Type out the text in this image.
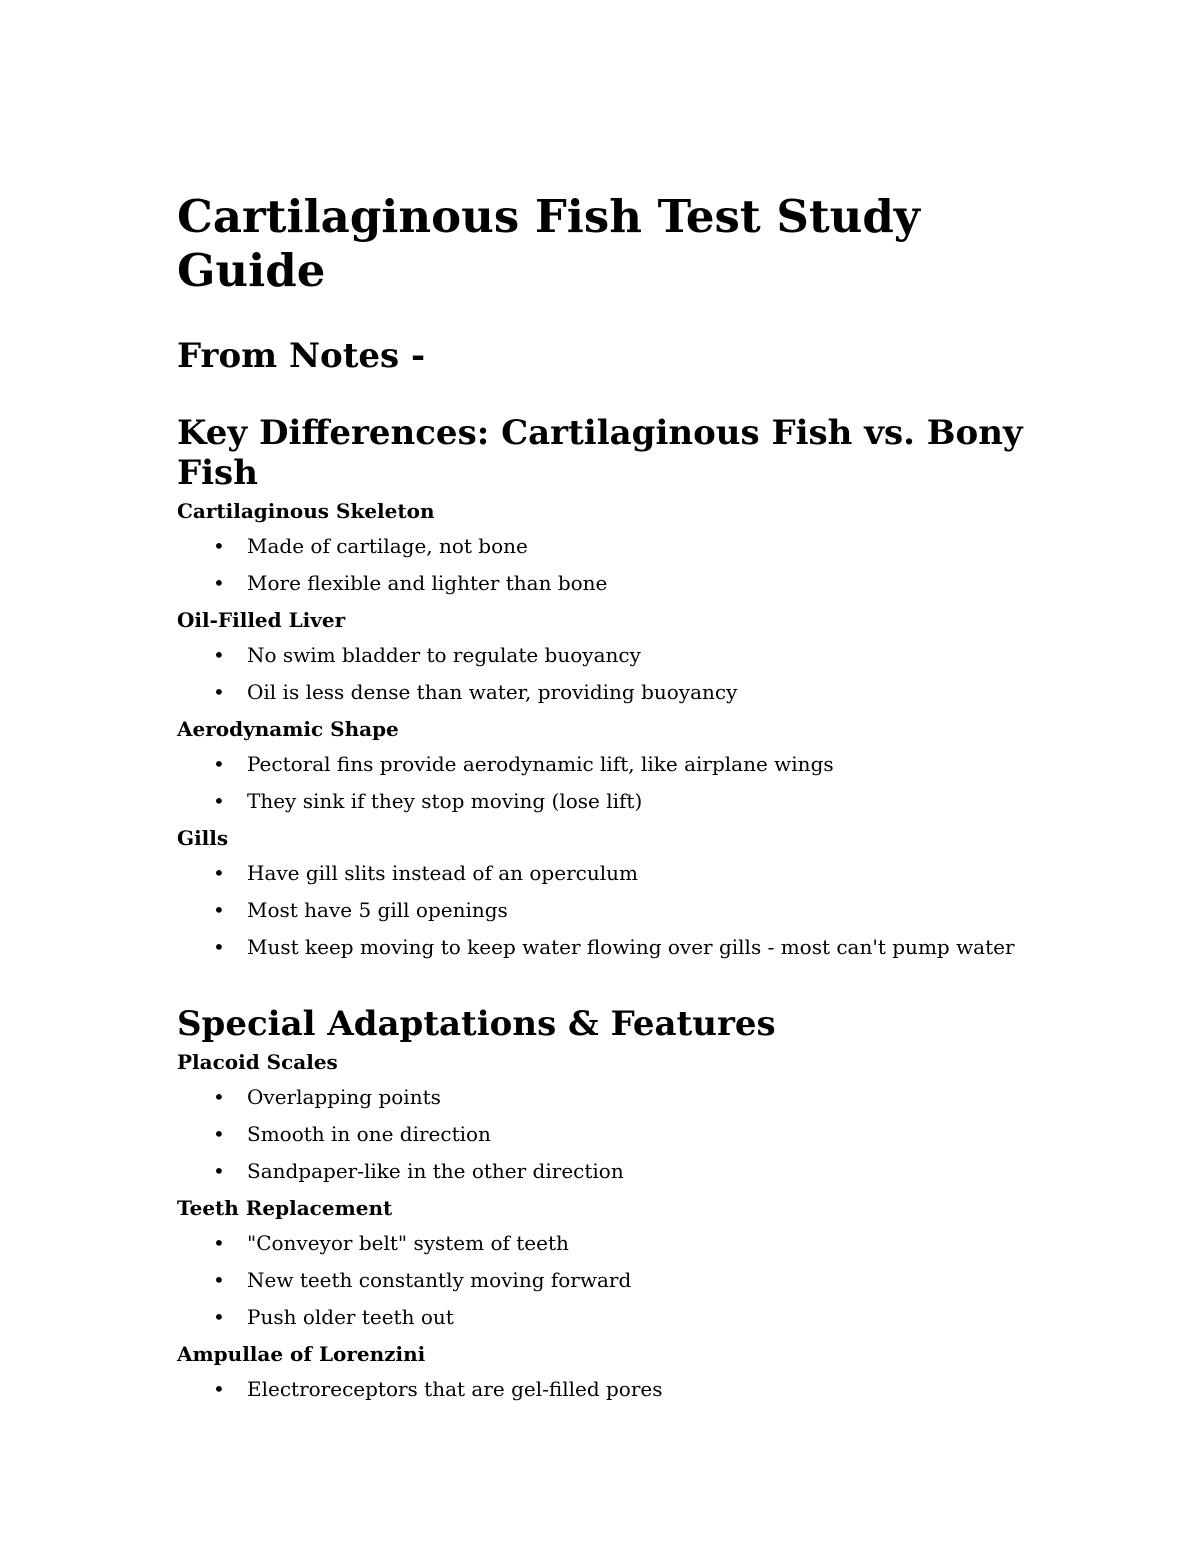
Cartilaginous Fish Test Study Guide
From Notes -
Key Differences: Cartilaginous Fish vs. Bony Fish
Cartilaginous Skeleton
• Made of cartilage, not bone
• More flexible and lighter than bone
Oil-Filled Liver
• No swim bladder to regulate buoyancy
• Oil is less dense than water, providing buoyancy
Aerodynamic Shape
• Pectoral fins provide aerodynamic lift, like airplane wings
• They sink if they stop moving (lose lift)
Gills
• Have gill slits instead of an operculum
• Most have 5 gill openings
• Must keep moving to keep water flowing over gills - most can't pump water
Special Adaptations & Features
Placoid Scales
• Overlapping points
• Smooth in one direction
• Sandpaper-like in the other direction
Teeth Replacement
• "Conveyor belt" system of teeth
• New teeth constantly moving forward
• Push older teeth out
Ampullae of Lorenzini
• Electroreceptors that are gel-filled pores
